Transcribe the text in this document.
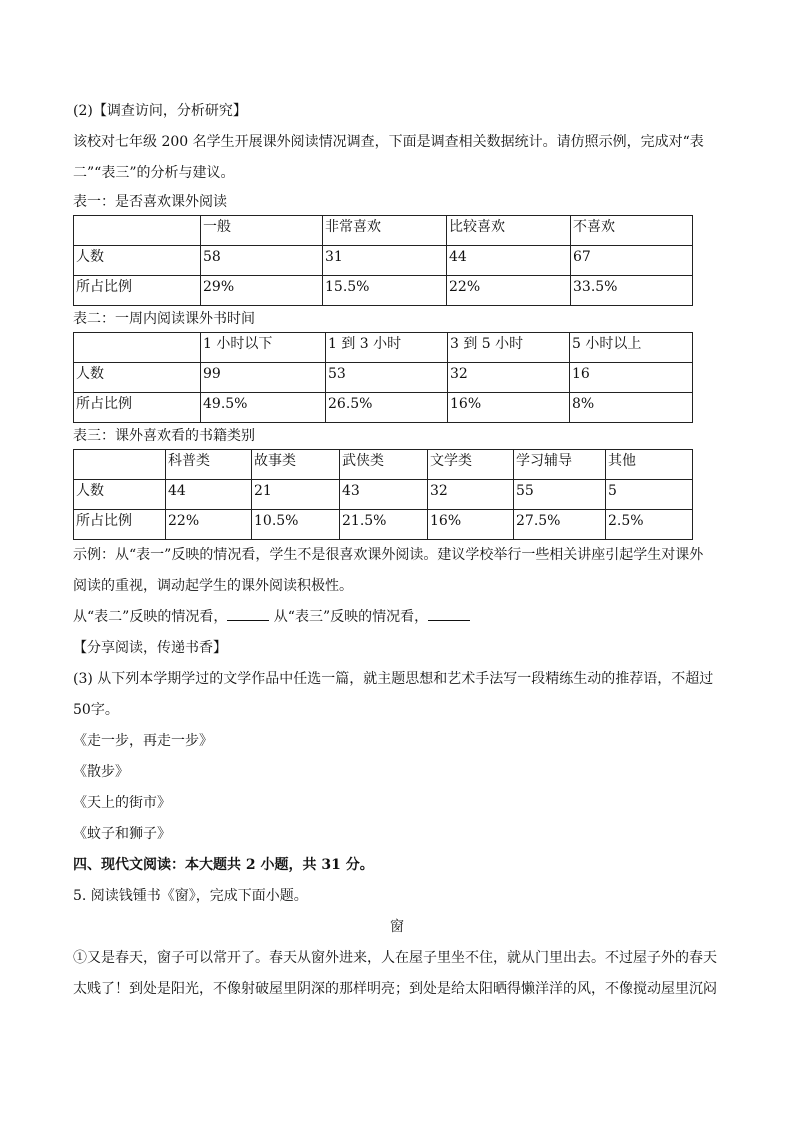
(2)【调查访问，分析研究】

该校对七年级 200 名学生开展课外阅读情况调查，下面是调查相关数据统计。请仿照示例，完成对“表

二”“表三”的分析与建议。

表一：是否喜欢课外阅读

	一般	非常喜欢	比较喜欢	不喜欢
人数	58	31	44	67
所占比例	29%	15.5%	22%	33.5%

表二：一周内阅读课外书时间

	1 小时以下	1 到 3 小时	3 到 5 小时	5 小时以上
人数	99	53	32	16
所占比例	49.5%	26.5%	16%	8%

表三：课外喜欢看的书籍类别

	科普类	故事类	武侠类	文学类	学习辅导	其他
人数	44	21	43	32	55	5
所占比例	22%	10.5%	21.5%	16%	27.5%	2.5%

示例：从“表一”反映的情况看，学生不是很喜欢课外阅读。建议学校举行一些相关讲座引起学生对课外

阅读的重视，调动起学生的课外阅读积极性。

从“表二”反映的情况看，	从“表三”反映的情况看，

【分享阅读，传递书香】

(3) 从下列本学期学过的文学作品中任选一篇，就主题思想和艺术手法写一段精练生动的推荐语，不超过

50字。

《走一步，再走一步》

《散步》

《天上的街市》

《蚊子和狮子》

四、现代文阅读：本大题共 2 小题，共 31 分。

5. 阅读钱锺书《窗》，完成下面小题。

窗

①又是春天，窗子可以常开了。春天从窗外进来，人在屋子里坐不住，就从门里出去。不过屋子外的春天

太贱了！到处是阳光，不像射破屋里阴深的那样明亮；到处是给太阳晒得懒洋洋的风，不像搅动屋里沉闷
